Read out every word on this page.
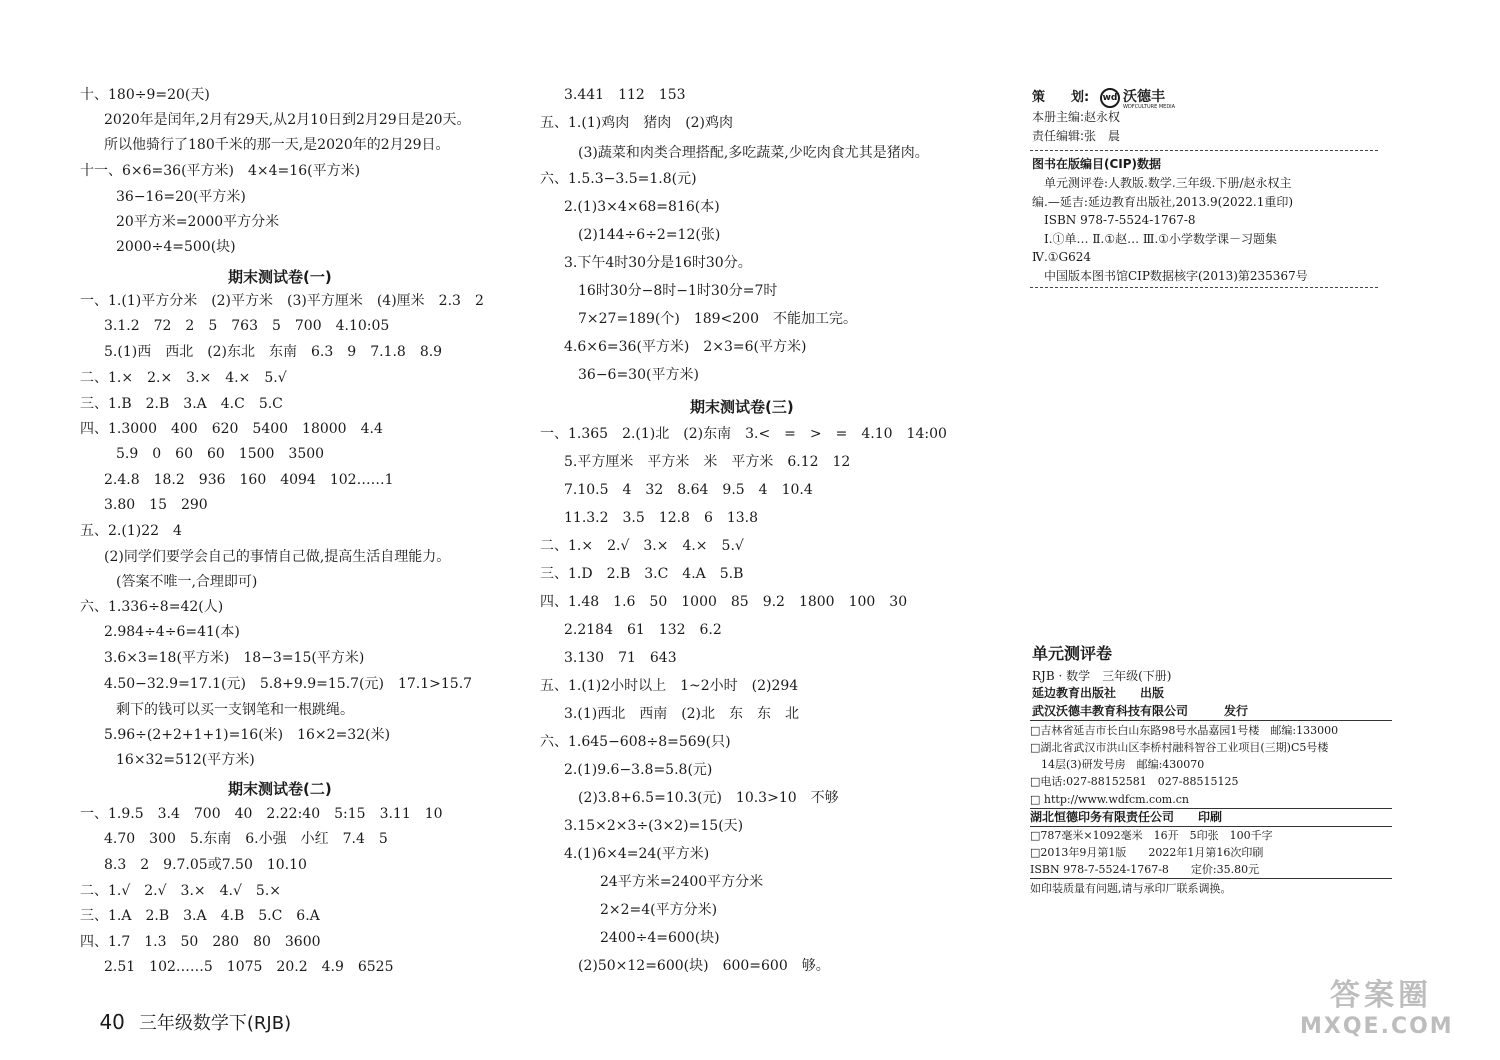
十、180÷9=20(天)
2020年是闰年,2月有29天,从2月10日到2月29日是20天。
所以他骑行了180千米的那一天,是2020年的2月29日。
十一、6×6=36(平方米)　4×4=16(平方米)
36−16=20(平方米)
20平方米=2000平方分米
2000÷4=500(块)
一、1.(1)平方分米　(2)平方米　(3)平方厘米　(4)厘米　2.3　2
3.1.2　72　2　5　763　5　700　4.10:05
5.(1)西　西北　(2)东北　东南　6.3　9　7.1.8　8.9
二、1.×　2.×　3.×　4.×　5.√
三、1.B　2.B　3.A　4.C　5.C
四、1.3000　400　620　5400　18000　4.4
5.9　0　60　60　1500　3500
2.4.8　18.2　936　160　4094　102……1
3.80　15　290
五、2.(1)22　4
(2)同学们要学会自己的事情自己做,提高生活自理能力。
(答案不唯一,合理即可)
六、1.336÷8=42(人)
2.984÷4÷6=41(本)
3.6×3=18(平方米)　18−3=15(平方米)
4.50−32.9=17.1(元)　5.8+9.9=15.7(元)　17.1>15.7
剩下的钱可以买一支钢笔和一根跳绳。
5.96÷(2+2+1+1)=16(米)　16×2=32(米)
16×32=512(平方米)
一、1.9.5　3.4　700　40　2.22:40　5:15　3.11　10
4.70　300　5.东南　6.小强　小红　7.4　5
8.3　2　9.7.05或7.50　10.10
二、1.√　2.√　3.×　4.√　5.×
三、1.A　2.B　3.A　4.B　5.C　6.A
四、1.7　1.3　50　280　80　3600
2.51　102……5　1075　20.2　4.9　6525
期末测试卷(一)
期末测试卷(二)
3.441　112　153
五、1.(1)鸡肉　猪肉　(2)鸡肉
(3)蔬菜和肉类合理搭配,多吃蔬菜,少吃肉食尤其是猪肉。
六、1.5.3−3.5=1.8(元)
2.(1)3×4×68=816(本)
(2)144÷6÷2=12(张)
3.下午4时30分是16时30分。
16时30分−8时−1时30分=7时
7×27=189(个)　189<200　不能加工完。
4.6×6=36(平方米)　2×3=6(平方米)
36−6=30(平方米)
一、1.365　2.(1)北　(2)东南　3.<　=　>　=　4.10　14:00
5.平方厘米　平方米　米　平方米　6.12　12
7.10.5　4　32　8.64　9.5　4　10.4
11.3.2　3.5　12.8　6　13.8
二、1.×　2.√　3.×　4.×　5.√
三、1.D　2.B　3.C　4.A　5.B
四、1.48　1.6　50　1000　85　9.2　1800　100　30
2.2184　61　132　6.2
3.130　71　643
五、1.(1)2小时以上　1~2小时　(2)294
3.(1)西北　西南　(2)北　东　东　北
六、1.645−608÷8=569(只)
2.(1)9.6−3.8=5.8(元)
(2)3.8+6.5=10.3(元)　10.3>10　不够
3.15×2×3÷(3×2)=15(天)
4.(1)6×4=24(平方米)
24平方米=2400平方分米
2×2=4(平方分米)
2400÷4=600(块)
(2)50×12=600(块)　600=600　够。
期末测试卷(三)

40 三年级数学下(RJB)

策　　划: wd 沃德丰
WDFCULTURE MEDIA
本册主编:赵永权
责任编辑:张　晨
图书在版编目(CIP)数据
　单元测评卷:人教版.数学.三年级.下册/赵永权主
编.—延吉:延边教育出版社,2013.9(2022.1重印)
　ISBN 978-7-5524-1767-8
　Ⅰ.①单… Ⅱ.①赵… Ⅲ.①小学数学课－习题集
Ⅳ.①G624
　中国版本图书馆CIP数据核字(2013)第235367号
单元测评卷
RJB · 数学　三年级(下册)
延边教育出版社　　出版
武汉沃德丰教育科技有限公司　　　发行
□吉林省延吉市长白山东路98号水晶嘉园1号楼　邮编:133000
□湖北省武汉市洪山区李桥村融科智谷工业项目(三期)C5号楼
　14层(3)研发号房　邮编:430070
□电话:027-88152581　027-88515125
□ http://www.wdfcm.com.cn
湖北恒德印务有限责任公司　　印刷
□787毫米×1092毫米　16开　5印张　100千字
□2013年9月第1版　　2022年1月第16次印刷
ISBN 978-7-5524-1767-8　　定价:35.80元
如印装质量有问题,请与承印厂联系调换。
答案圈
MXQE.COM
